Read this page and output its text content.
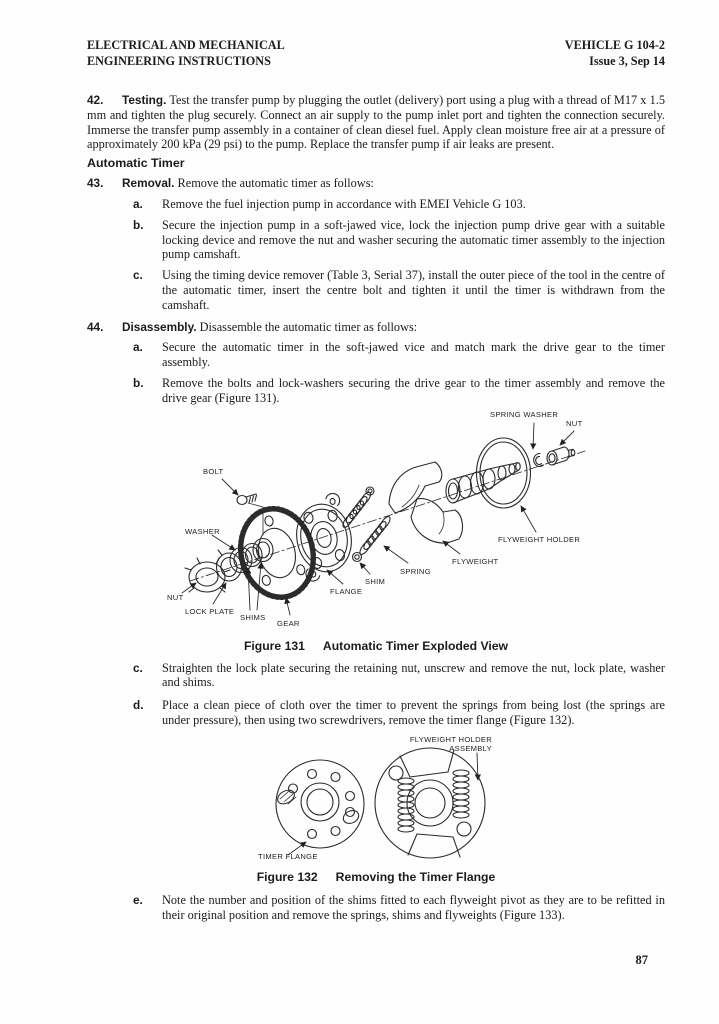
ELECTRICAL AND MECHANICAL
ENGINEERING INSTRUCTIONS
VEHICLE G 104-2
Issue 3, Sep 14

42. Testing. Test the transfer pump by plugging the outlet (delivery) port using a plug with a thread of M17 x 1.5 mm and tighten the plug securely. Connect an air supply to the pump inlet port and tighten the connection securely. Immerse the transfer pump assembly in a container of clean diesel fuel. Apply clean moisture free air at a pressure of approximately 200 kPa (29 psi) to the pump. Replace the transfer pump if air leaks are present.

Automatic Timer

43. Removal. Remove the automatic timer as follows:

a. Remove the fuel injection pump in accordance with EMEI Vehicle G 103.

b. Secure the injection pump in a soft-jawed vice, lock the injection pump drive gear with a suitable locking device and remove the nut and washer securing the automatic timer assembly to the injection pump camshaft.

c. Using the timing device remover (Table 3, Serial 37), install the outer piece of the tool in the centre of the automatic timer, insert the centre bolt and tighten it until the timer is withdrawn from the camshaft.

44. Disassembly. Disassemble the automatic timer as follows:

a. Secure the automatic timer in the soft-jawed vice and match mark the drive gear to the timer assembly.

b. Remove the bolts and lock-washers securing the drive gear to the timer assembly and remove the drive gear (Figure 131).

SPRING WASHER
NUT
BOLT
WASHER
FLYWEIGHT HOLDER
FLYWEIGHT
SPRING
SHIM
FLANGE
NUT
LOCK PLATE
SHIMS
GEAR

Figure 131 Automatic Timer Exploded View

c. Straighten the lock plate securing the retaining nut, unscrew and remove the nut, lock plate, washer and shims.

d. Place a clean piece of cloth over the timer to prevent the springs from being lost (the springs are under pressure), then using two screwdrivers, remove the timer flange (Figure 132).

FLYWEIGHT HOLDER
ASSEMBLY
TIMER FLANGE

Figure 132 Removing the Timer Flange

e. Note the number and position of the shims fitted to each flyweight pivot as they are to be refitted in their original position and remove the springs, shims and flyweights (Figure 133).

87
